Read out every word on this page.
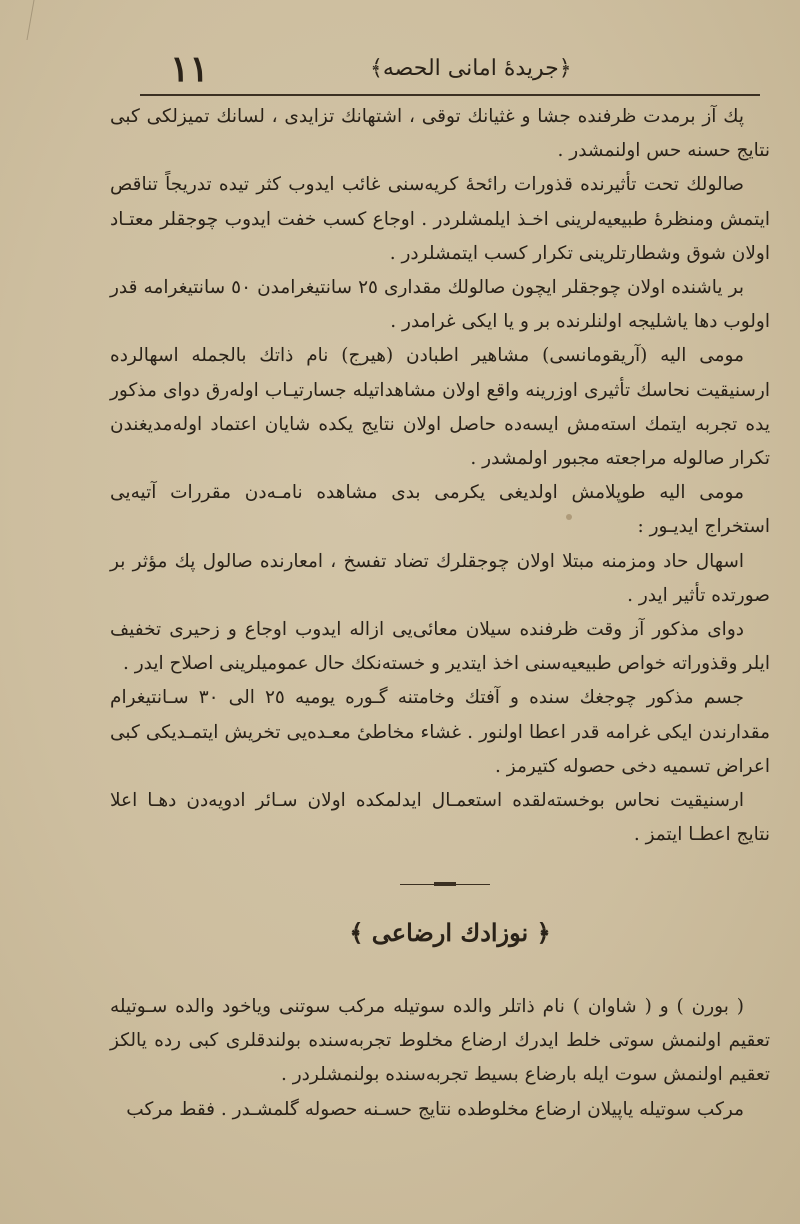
١١	﴿جريدهٔ امانی الحصه﴾

پك آز برمدت ظرفنده جشا و غثيانك توقى ، اشتهانك تزايدى ، لسانك تميزلكى كبى نتايج حسنه حس اولنمشدر .

صالولك تحت تأثيرنده قذورات رائحهٔ كريه‌سنى غائب ايدوب كثر تيده تدريجاً تناقص ايتمش ومنظرهٔ طبيعيه‌لرينى اخـذ ايلمشلردر . اوجاع كسب خفت ايدوب چوجقلر معتـاد اولان شوق وشطارتلرينى تكرار كسب ايتمشلردر .

بر ياشنده اولان چوجقلر ايچون صالولك مقدارى ٢٥ سانتيغرامدن ٥٠ سانتيغرامه قدر اولوب دها ياشليجه اولنلرنده بر و يا ايكى غرامدر .

مومى اليه (آريقومانسى) مشاهير اطبادن (هيرج) نام ذاتك بالجمله اسهالرده ارسنيقيت نحاسك تأثيرى اوزرينه واقع اولان مشاهداتيله جسارتيـاب اولەرق دواى مذكور يده تجربه ايتمك استەمش ايسەده حاصل اولان نتايج يكده شايان اعتماد اولەمديغندن تكرار صالوله مراجعته مجبور اولمشدر .

مومى اليه طوپلامش اولديغى يكرمى بدى مشاهده نامـەدن مقررات آتيه‌يى استخراج ايديـور :

اسهال حاد ومزمنه مبتلا اولان چوجقلرك تضاد تفسخ ، امعارنده صالول پك مؤثر بر صورتده تأثير ايدر .

دواى مذكور آز وقت ظرفنده سيلان معائى‌يى ازاله ايدوب اوجاع و زحيرى تخفيف ايلر وقذوراته خواص طبيعيه‌سنى اخذ ايتدير و خستەنكك حال عموميلرينى اصلاح ايدر .

جسم مذكور چوجغك سنده و آفتك وخامتنه گـوره يوميه ٢٥ الى ٣٠ سـانتيغرام مقدارندن ايكى غرامه قدر اعطا اولنور . غشاء مخاطىٔ معـده‌يى تخريش ايتمـديكى كبى اعراض تسميه دخى حصوله كتيرمز .

ارسنيقيت نحاس بوخسته‌لقده استعمـال ايدلمكده اولان سـائر ادويەدن دهـا اعلا نتايج اعطـا ايتمز .

﴿ نوزادك ارضاعى ﴾

( بورن ) و ( شاوان ) نام ذاتلر والده سوتيله مركب سوتنى وياخود والده سـوتيله تعقيم اولنمش سوتى خلط ايدرك ارضاع مخلوط تجربه‌سنده بولندقلرى كبى رده يالكز تعقيم اولنمش سوت ايله بارضاع بسيط تجربه‌سنده بولنمشلردر .

مركب سوتيله ياپيلان ارضاع مخلوطده نتايج حسـنه حصوله گلمشـدر . فقط مركب
